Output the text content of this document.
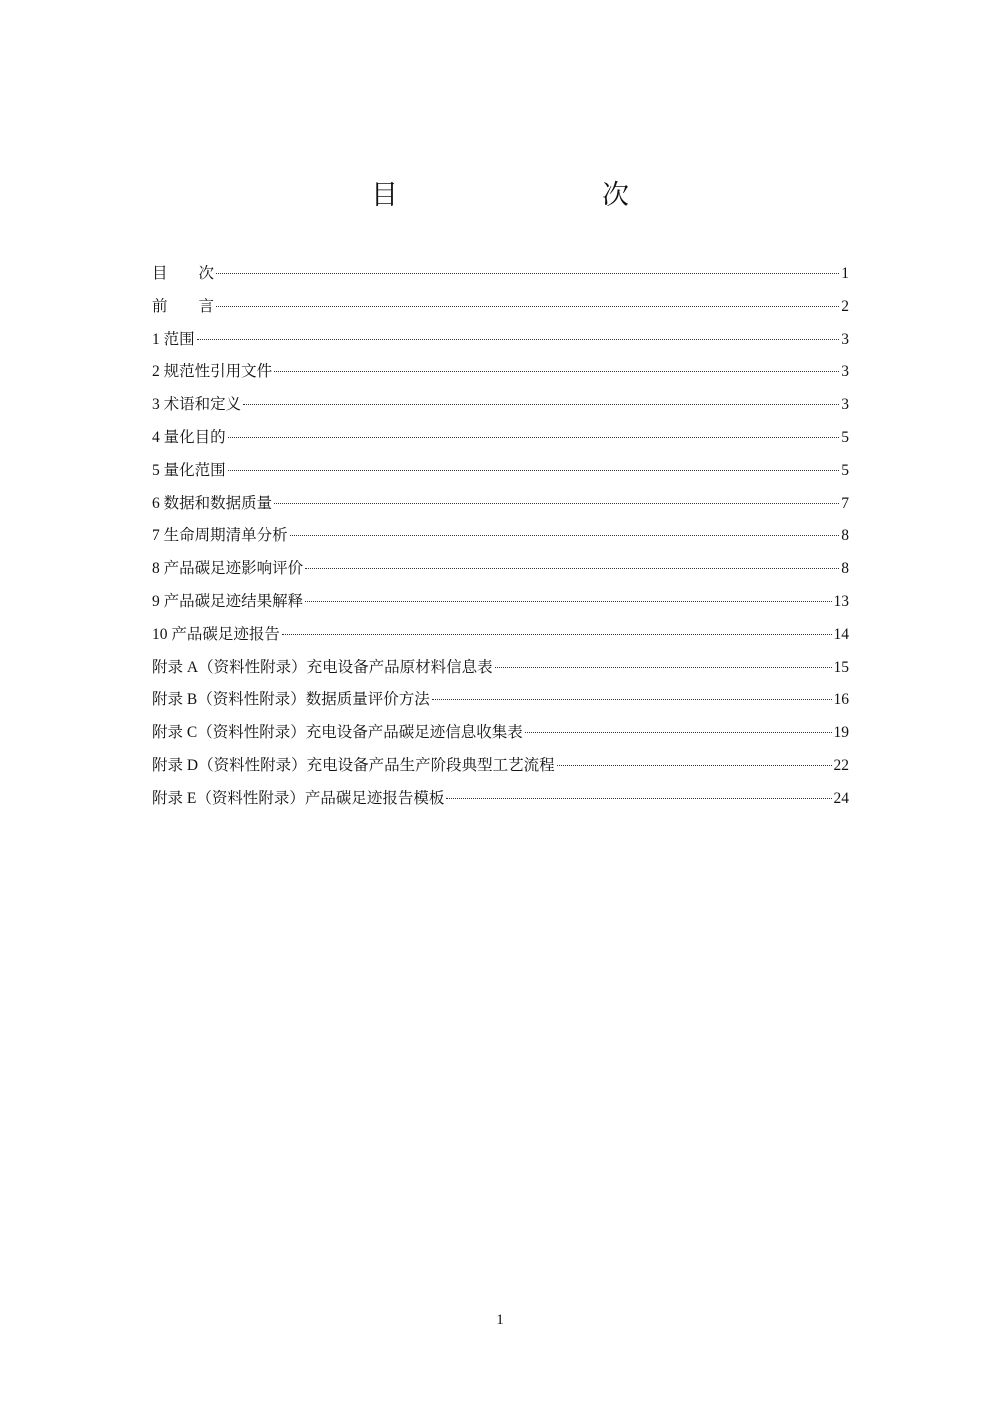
目　　次
目　　次	1
前　　言	2
1 范围	3
2 规范性引用文件	3
3 术语和定义	3
4 量化目的	5
5 量化范围	5
6 数据和数据质量	7
7 生命周期清单分析	8
8 产品碳足迹影响评价	8
9 产品碳足迹结果解释	13
10 产品碳足迹报告	14
附录 A（资料性附录）充电设备产品原材料信息表	15
附录 B（资料性附录）数据质量评价方法	16
附录 C（资料性附录）充电设备产品碳足迹信息收集表	19
附录 D（资料性附录）充电设备产品生产阶段典型工艺流程	22
附录 E（资料性附录）产品碳足迹报告模板	24
1
